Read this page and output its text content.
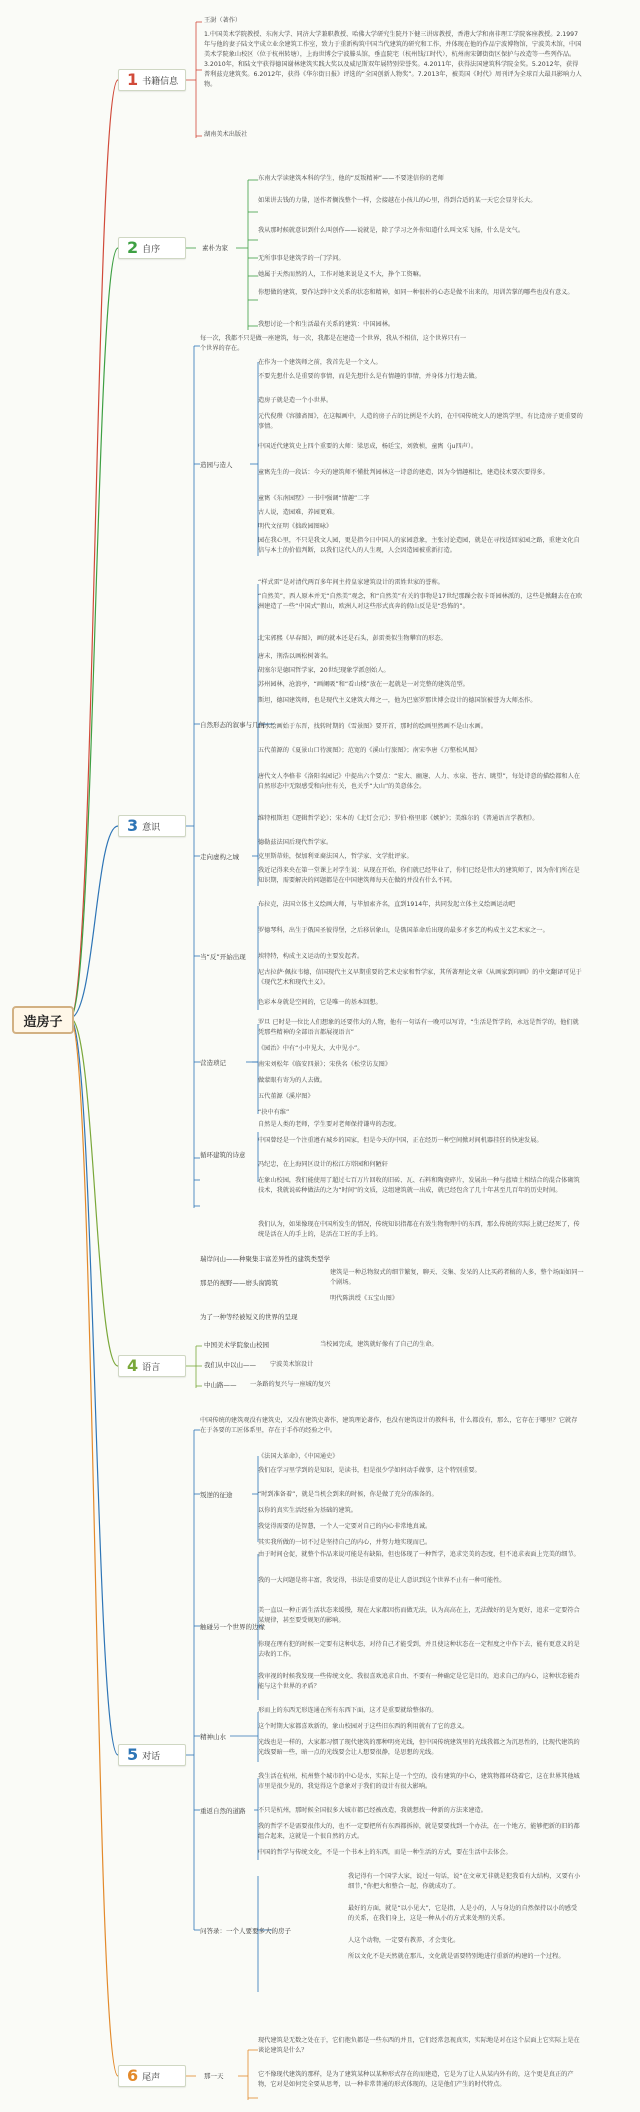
造房子
1 书籍信息
王澍（著作）
1.中国美术学院教授、东南大学、同济大学兼职教授、哈佛大学研究生院丹下健三讲席教授，香港大学和南非理工学院客座教授。2.1997年与他的妻子陆文宇成立业余建筑工作室，致力于重新构筑中国当代建筑的研究和工作，并体现在他的作品宁波博物馆，宁波美术馆，中国美术学院象山校区（位于杭州转塘），上海世博会宁波滕头馆，垂直院宅（杭州钱江时代），杭州南宋御街街区保护与改造等一些列作品。3.2010年，和陆文宇获得德国谢林建筑实践大奖以及威尼斯双年展特别荣誉奖。4.2011年，获得法国建筑科学院金奖。5.2012年，获得普利兹克建筑奖。6.2012年，获得《华尔街日报》评选的“全国创新人物奖”。7.2013年，被美国《时代》周刊评为全球百大最具影响力人物。
湖南美术出版社
2 自序	素朴为家
东南大学读建筑本科的学生，他的“反叛精神”——不要迷信你的老师
如果讲去钱的力量，送作者搁浅整个一样，会接越在小孩儿的心里，得到合适的某一天它会显芽长大。
我从那时候就意识到什么叫创作——说就是，除了学习之外你知道什么叫文采飞扬，什么是文气。
无所事事是建筑学的一门学问。
她属于天然而然的人，工作对她来说是义不大，挣个工资嘛。
你想做的建筑，要作达到中文关系的状态和精神，如同一种很朴的心态是做不出来的，用训苦掌的哪些也没有意义。
我想讨论一个和生活最有关系的建筑：中国园林。
3 意识
每一次，我都不只是做一座建筑，每一次，我都是在建造一个世界，我从不相信，这个世界只有一个世界的存在。
造园与造人
在作为一个建筑师之前，我首先是一个文人。
不要先想什么是重要的事情，而是先想什么是有情趣的事情，并身体力行地去做。
造房子就是造一个小世界。
元代倪瓒《容膝斋图》，在这幅画中，人造的房子占的比例是不大的，在中国传统文人的建筑学里，有比造房子更重要的事情。
中国近代建筑史上四个重要的大师：梁思成，杨廷宝，刘敦桢，童寯（ju四声）。
童寯先生的一段话：今天的建筑师不懂批判园林这一诗意的建造，因为今情趣相比，建造技术要次要得多。
童寯《东南园墅》一书中强调“情趣”二字
古人说，造园难，养园更难。
明代文征明《拙政园图咏》
园在我心里，不只是我文人园，更是指今日中国人的家园意象，主张讨论造园，就是在寻找适回家园之路，重建文化自信与本土的价值判断，以我们这代人的人生观，人会因造园被重新打造。
自然形态的叙事与几何
“样式雷”是对清代两百多年间主持皇家建筑设计的雷姓世家的誉称。
“自然美”，西人原本并无“自然美”观念，和“自然美”有关的事物是17世纪那躁会叙卡哥园林派的，这些是掀翻去在在欧洲建造了一些“中国式”假山，欧洲人对这些形式真奔的假山反是是“恐怖的”。
北宋郭熙《早春图》，画的就本还是石头，彭雷类似生物攀宫的形态。
唐末，荆浩以画松树著名。
胡塞尔是德国哲学家，20世纪现象学派创始人。
苏州园林，沧浪亭，“画阑吸”和“看山楼”放在一起就是一对完整的建筑范型。
斯坦，德国建筑师，也是现代主义建筑大师之一，他为巴塞罗那世博会设计的德国馆被誉为大师杰作。
山水绘画始于东晋，找转时期的《雪景图》要开首，那时的绘画里然画不是山水画。
五代董源的《夏景山口待渡图》；范宽的《溪山行旅图》；南宋李唐《万壑松风图》
唐代文人李格非《洛阳名园记》中提出六个要点：“宏大、幽邃、人力、水泉、苍古、眺望”，每处诗意的描绘都和人在自然形态中无限感受和向往有关，也关乎“大山”的美意体会。
走向虚构之城
维特根斯坦《逻辑哲学论》；宋本的《北灯会元》；罗伯·格里耶《嫉妒》；美维尔的《普通语言学教程》。
德勒兹法国后现代哲学家。
克里斯蒂娃，保加利亚裔法国人，哲学家、文学批评家。
我近记得来央在第一堂课上对学生说：从现在开始，你们就已经毕业了，你们已经是伟大的建筑师了，因为你们所在是知识期，需要解决的问题都是在中国建筑师每天在做的并没有什么不同。
当“反”开始出现
布拉克，法国立体主义绘画大师，与毕加索齐名，直到1914年，共同发起立体主义绘画运动吧
罗德琴科，出生于俄国圣彼得堡，之后移居象山，是俄国革命后出现的最多才多艺的构成主义艺术家之一。
埃特特，构成主义运动的主要发起者。
尼古拉萨·佩拉韦德，信国现代主义早期重要的艺术史家和哲学家，其所著理论文章《从画家到印画》的中文翻译可见于《现代艺术和现代主义》。
色彩本身就是空间的，它是唯一的基本回想。
营造琐记
罗旦 已时是一位比人们想象的还要伟大的人物，他有一句话有一晚可以写诗，“生活是哲学的，永远是哲学的，他们就凭那些精神的全部语言都展视语言”
《园治》中有“小中见大，大中见小”。
南宋刘松年《临安四景》；宋佚名《松堂访友图》
做蒙眼有寄为的人去做。
五代董源《溪岸图》
“抉中有维”
循环建筑的诗意
自然是人类的老师，学生要对老师保持谦卑的态度。
中国曾经是一个注重遵有城乡的国家，但是今天的中国，正在经历一种空间掀对间机器挂狂的快速发展。
冯纪忠，在上海同区设计的松江方塔园和何陋轩
在象山校园，我们能使用了超过七百万片回收的旧砖、瓦、石料和陶瓷碎片，发展出一种与蓝墙土相结合的混合体砌筑技术，我就说砖种做法的之为“时间”的文质，这组建筑就一出成，就已经包含了几十年甚至几百年的历史时间。
我们认为，如果像现在中国所发生的情况，传统知识指都在有效生物物理中的东西，那么传统的实际上就已经死了，传统是活在人的手上的，是活在工匠的手上的。
瑞岸问山——种聚集丰富差异性的建筑类型学
那是的视野——磨头窗跨筑
建筑是一种总物叙式的细节繁复，聊天、交集、发呆的人比买药者稿的人多，整个场面如同一个剧场。
明代陈洪绶《五宝山图》
为了一种等经被短义的世界的呈现
4 语言
中国美术学院象山校园	当校园完成，建筑就好像有了自己的生命。
我们从中以山—— 宁波美术馆设计
中山路—— 一条路的复兴与一座城的复兴
5 对话
中国传统的建筑观没有建筑史，又没有建筑史著作，建筑理论著作，也没有建筑设计的教科书，什么都没有，那么，它存在于哪里？它就存在于各要的工匠体系里，存在于手作的经验之中。
叛逆的征途
《法国大革命》，《中国通史》
我们在学习里学到的是知识，是读书，但是很少学如何动手做事，这个特别重要。
“时到准备着”，就是当机会到来的时候，你是做了充分的准备的。
以你的真实生活经验为基础的建筑。
我觉得需要的是智慧，一个人一定要对自己的内心非常地真诚。
其实我所做的一切不过是坚持自己的内心，并努力地实现而已。
触碰另一个世界的边缘
由于时间仓促，就整个作品来说可能是有缺陷，但也体现了一种哲学，追求完美的态度，但不追求表面上完美的细节。
我的一大问题是将丰富，我觉得，书法是重要的是让人意识到这个世界不止有一种可能性。
美一直以一种正需生活状态来缓慢，现在大家都因伤而做无法，认为高高在上，无法做好的是为更好，追求一定要符合某规律，甚至要受规矩的影响。
你现在理有犯的时候一定要有这种状态，对待自己才能受到，并且使这种状态在一定程度之中作下去，能有更意义的是去收的工作。
我审视的时候我发现一些传统文化、我很喜欢追求自由、不要有一种确定是它是目的，追求自己的内心，这种状态能否能与这个世界的矛盾？
精神山水
形而上的东西无形连通在所有东西下面，这才是重要就给整体的。
这个时期大家都喜欢新的，象山校园对于这些旧东西的利用就有了它的意义。
光线也是一样的，大家都习惯了现代建筑的那种明亮光线，但中国传统建筑里的光线我都之为沉思性的，比现代建筑的光线要暗一些，暗一点的光线要会让人想要很静，是思想的光线。
重返自然的道路
我生活在杭州，杭州整个城市的中心是水，实际上是一个空的，没有建筑的中心，建筑物都环绕着它，这在世界其他城市里是很少见的，我觉得这个意象对于我们的设计有很大影响。
不只是杭州，那时候全国很多大城市都已经被改造，我就想找一种新的方法来建造。
我的哲学不是需要很伟大的，也不一定要把所有东西都拆掉，就是要要找到一个办法，在一个地方，能够把新的旧的都组合起来，这就是一个很自然的方式。
中国的哲学与传统文化，不是一个书本上的东西，而是一种生活的方式，要在生活中去体会。
问答录：一个人要要多大的房子
我记得有一个国学大家，说过一句话，说“在文章无非就是犯我看有大结构，又要有小细节，”你把大和整合一起，你就成功了。
最好的方面，就是“以小见大”，它是指，人是小的，人与身边的自然保持以小的感受的关系，在我们身上，这是一种从小的方式来处理的关系。
人这个动物，一定要有教养，才会变化。
所以文化不是天然就在那儿，文化就是需要特别地进行重新的构建的一个过程。
6 尾声	那一天
现代建筑是无数之处在于，它们抱负都是一些东西的并且，它们经常忽视真实，实际地是对在这个层面上它实际上是在谈论建筑是什么？
它不像现代建筑的那样，是为了建筑某种以某种形式存在的而建造，它是为了让人从某内外有的，这个更是真正的产物，它对是如何完全要从思考，以一种非常普通的形式体现的，这是他们产生的时代特点。
